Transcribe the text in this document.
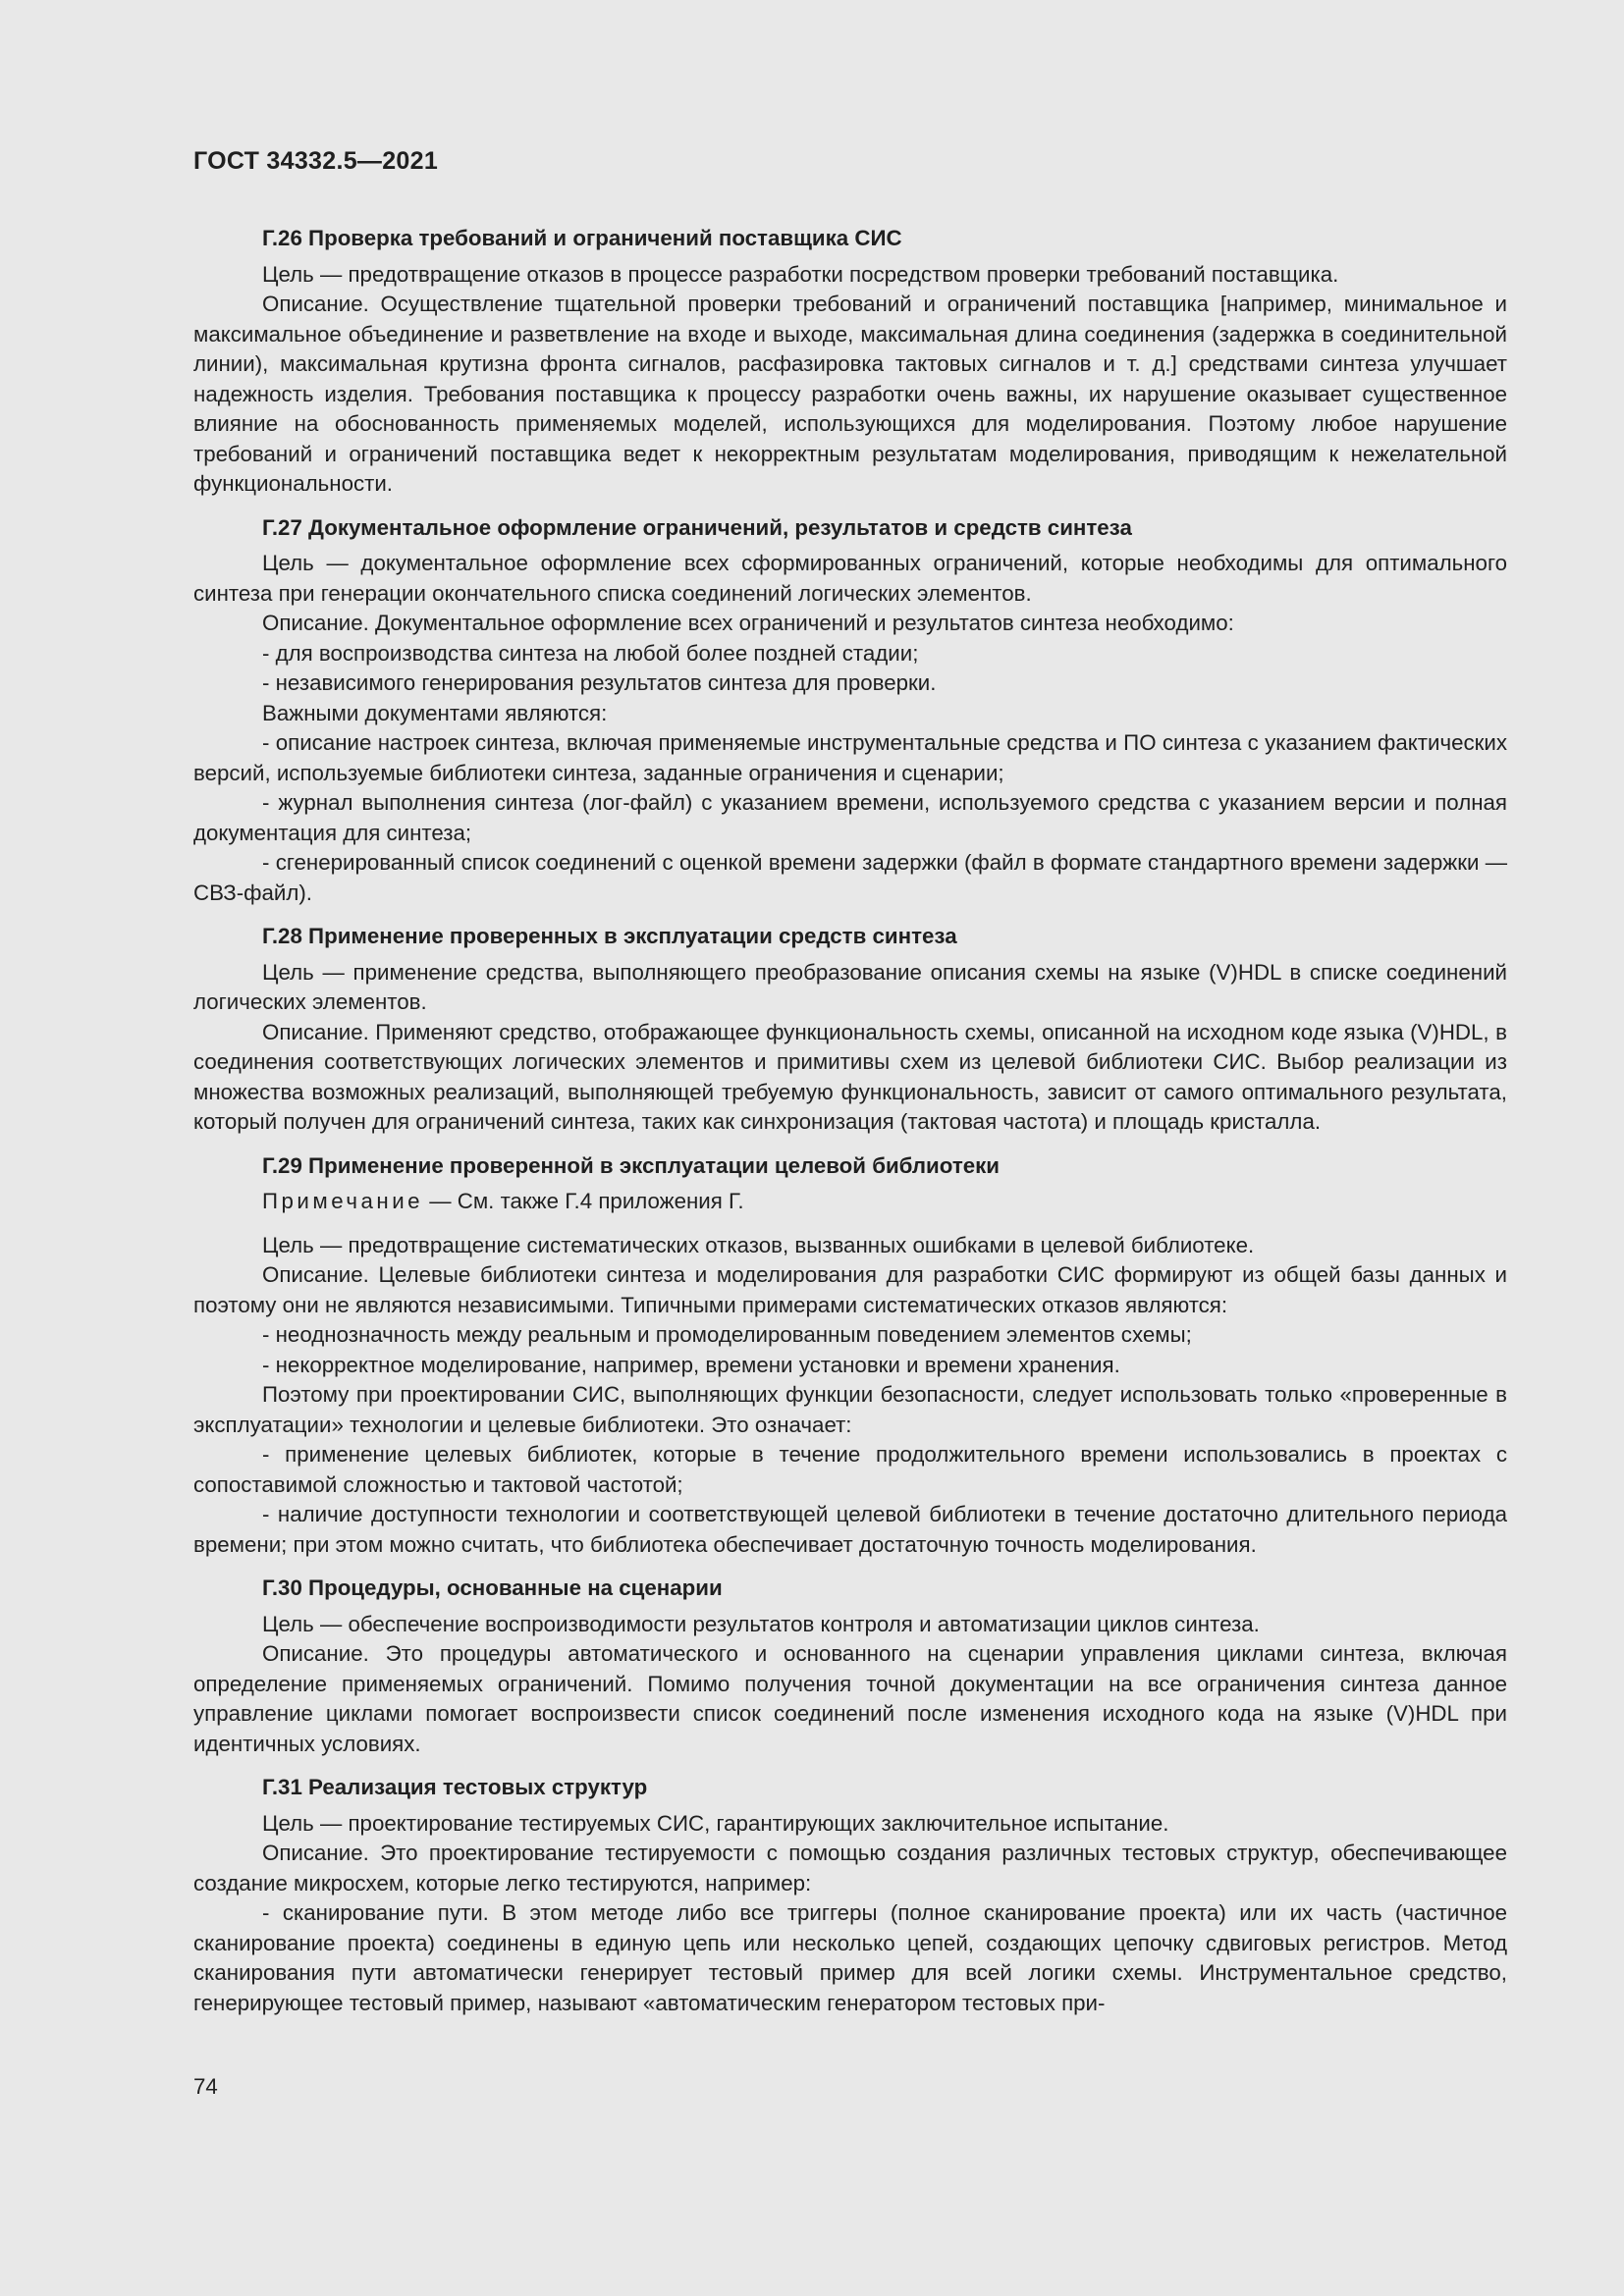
ГОСТ 34332.5—2021
Г.26 Проверка требований и ограничений поставщика СИС

Цель — предотвращение отказов в процессе разработки посредством проверки требований поставщика.

Описание. Осуществление тщательной проверки требований и ограничений поставщика [например, минимальное и максимальное объединение и разветвление на входе и выходе, максимальная длина соединения (задержка в соединительной линии), максимальная крутизна фронта сигналов, расфазировка тактовых сигналов и т. д.] средствами синтеза улучшает надежность изделия. Требования поставщика к процессу разработки очень важны, их нарушение оказывает существенное влияние на обоснованность применяемых моделей, использующихся для моделирования. Поэтому любое нарушение требований и ограничений поставщика ведет к некорректным результатам моделирования, приводящим к нежелательной функциональности.

Г.27 Документальное оформление ограничений, результатов и средств синтеза

Цель — документальное оформление всех сформированных ограничений, которые необходимы для оптимального синтеза при генерации окончательного списка соединений логических элементов.

Описание. Документальное оформление всех ограничений и результатов синтеза необходимо:

- для воспроизводства синтеза на любой более поздней стадии;

- независимого генерирования результатов синтеза для проверки.

Важными документами являются:

- описание настроек синтеза, включая применяемые инструментальные средства и ПО синтеза с указанием фактических версий, используемые библиотеки синтеза, заданные ограничения и сценарии;

- журнал выполнения синтеза (лог-файл) с указанием времени, используемого средства с указанием версии и полная документация для синтеза;

- сгенерированный список соединений с оценкой времени задержки (файл в формате стандартного времени задержки — СВЗ-файл).

Г.28 Применение проверенных в эксплуатации средств синтеза

Цель — применение средства, выполняющего преобразование описания схемы на языке (V)HDL в списке соединений логических элементов.

Описание. Применяют средство, отображающее функциональность схемы, описанной на исходном коде языка (V)HDL, в соединения соответствующих логических элементов и примитивы схем из целевой библиотеки СИС. Выбор реализации из множества возможных реализаций, выполняющей требуемую функциональность, зависит от самого оптимального результата, который получен для ограничений синтеза, таких как синхронизация (тактовая частота) и площадь кристалла.

Г.29 Применение проверенной в эксплуатации целевой библиотеки
Примечание — См. также Г.4 приложения Г.

Цель — предотвращение систематических отказов, вызванных ошибками в целевой библиотеке.

Описание. Целевые библиотеки синтеза и моделирования для разработки СИС формируют из общей базы данных и поэтому они не являются независимыми. Типичными примерами систематических отказов являются:

- неоднозначность между реальным и промоделированным поведением элементов схемы;

- некорректное моделирование, например, времени установки и времени хранения.

Поэтому при проектировании СИС, выполняющих функции безопасности, следует использовать только «проверенные в эксплуатации» технологии и целевые библиотеки. Это означает:

- применение целевых библиотек, которые в течение продолжительного времени использовались в проектах с сопоставимой сложностью и тактовой частотой;

- наличие доступности технологии и соответствующей целевой библиотеки в течение достаточно длительного периода времени; при этом можно считать, что библиотека обеспечивает достаточную точность моделирования.

Г.30 Процедуры, основанные на сценарии

Цель — обеспечение воспроизводимости результатов контроля и автоматизации циклов синтеза.

Описание. Это процедуры автоматического и основанного на сценарии управления циклами синтеза, включая определение применяемых ограничений. Помимо получения точной документации на все ограничения синтеза данное управление циклами помогает воспроизвести список соединений после изменения исходного кода на языке (V)HDL при идентичных условиях.

Г.31 Реализация тестовых структур

Цель — проектирование тестируемых СИС, гарантирующих заключительное испытание.

Описание. Это проектирование тестируемости с помощью создания различных тестовых структур, обеспечивающее создание микросхем, которые легко тестируются, например:

- сканирование пути. В этом методе либо все триггеры (полное сканирование проекта) или их часть (частичное сканирование проекта) соединены в единую цепь или несколько цепей, создающих цепочку сдвиговых регистров. Метод сканирования пути автоматически генерирует тестовый пример для всей логики схемы. Инструментальное средство, генерирующее тестовый пример, называют «автоматическим генератором тестовых при-

74
